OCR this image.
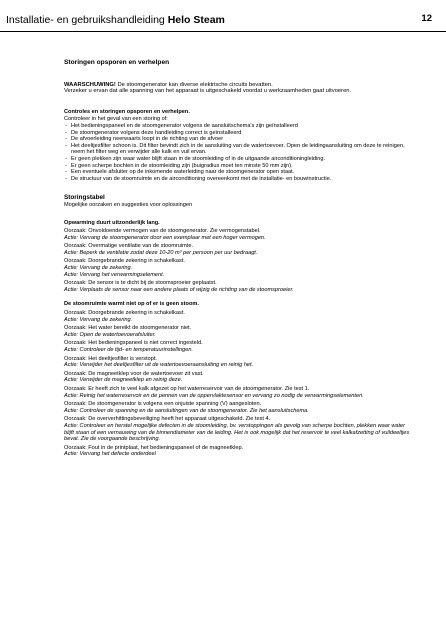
Installatie- en gebruikshandleiding Helo Steam	12
Storingen opsporen en verhelpen

WAARSCHUWING! De stoomgenerator kan diverse elektrische circuits bevatten.

Verzeker u ervan dat alle spanning van het apparaat is uitgeschakeld voordat u werkzaamheden gaat uitvoeren.

Controles en storingen opsporen en verhelpen.

Controleer in het geval van een storing of:

- Het bedieningspaneel en de stoomgenerator volgens de aansluitschema's zijn geïnstalleerd
- De stoomgenerator volgens deze handleiding correct is geïnstalleerd
- De afvoerleiding neerwaarts loopt in de richting van de afvoer
- Het deeltjesfilter schoon is. Dit filter bevindt zich in de aansluiting van de watertoevoer. Open de leidingaansluiting om deze te reinigen, neem het filter weg en verwijder alle kalk en vuil ervan.
- Er geen plekken zijn waar water blijft staan in de stoomleiding of in de uitgaande airconditioningleiding.
- Er geen scherpe bochten in de stoomleiding zijn (buigradius moet ten minste 50 mm zijn).
- Een eventuele afsluiter op de inkomende waterleiding naar de stoomgenerator open staat.
- De structuur van de stoomruimte en de airconditioning overeenkomt met de installatie- en bouwinstructie.
Storingstabel

Mogelijke oorzaken en suggesties voor oplossingen

Opwarming duurt uitzonderlijk lang.

Oorzaak: Onvoldoende vermogen van de stoomgenerator. Zie vermogenstabel.

Actie: Vervang de stoomgenerator door een exemplaar met een hoger vermogen.

Oorzaak: Overmatige ventilatie van de stoomruimte.

Actie: Beperk de ventilatie zodat deze 10-20 m³ per persoon per uur bedraagt.

Oorzaak: Doorgebrande zekering in schakelkast.

Actie: Vervang de zekering.

Actie: Vervang het verwarmingselement.

Oorzaak: De sensor is te dicht bij de stoomsproeier geplaatst.

Actie: Verplaats de sensor naar een andere plaats of wijzig de richting van de stoomsproeier.

De stoomruimte warmt niet op of er is geen stoom.

Oorzaak: Doorgebrande zekering in schakelkast.

Actie: Vervang de zekering.

Oorzaak: Het water bereikt de stoomgenerator niet.

Actie: Open de watertoevoerafsluiter.

Oorzaak: Het bedieningspaneel is niet correct ingesteld.

Actie: Controleer de tijd- en temperatuurinstellingen.

Oorzaak: Het deeltjesfilter is verstopt.

Actie: Verwijder het deeltjesfilter uit de watertoevoeraansluiting en reinig het.

Oorzaak: De magneetklep voor de watertoevoer zit vast.

Actie: Verwijder de magneetklep en reinig deze.

Oorzaak: Er heeft zich te veel kalk afgezet op het waterreservoir van de stoomgenerator. Zie test 1.

Actie: Reinig het waterreservoir en de pennen van de oppervlaktesensor en vervang zo nodig de verwarmingselementen.

Oorzaak: De stoomgenerator is volgens een onjuiste spanning (V) aangesloten.

Actie: Controleer de spanning en de aansluitingen van de stoomgenerator. Zie het aansluitschema.

Oorzaak: De oververhittingsbeveiliging heeft het apparaat uitgeschakeld. Zie test 4.

Actie: Controleer en herstel mogelijke defecten in de stoomleiding, bv. verstoppingen als gevolg van scherpe bochten, plekken waar water blijft staan of een vernauwing van de binnendiameter van de leiding. Het is ook mogelijk dat het reservoir te veel kalkafzetting of vuildeeltjes bevat. Zie de voorgaande beschrijving.

Oorzaak: Fout in de printplaat, het bedieningspaneel of de magneetklep.

Actie: Vervang het defecte onderdeel
